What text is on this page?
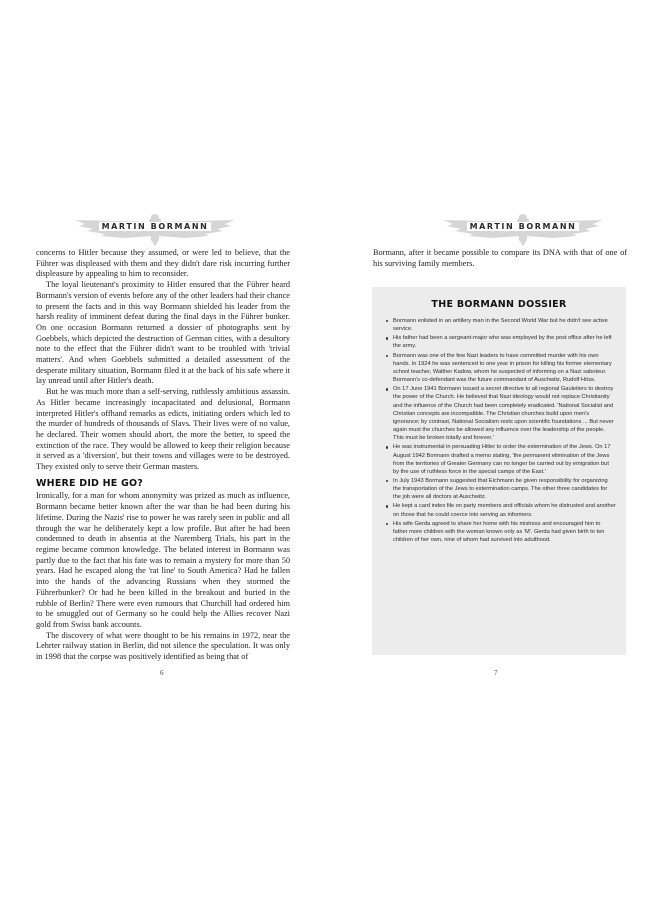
MARTIN BORMANN

concerns to Hitler because they assumed, or were led to believe, that the Führer was displeased with them and they didn't dare risk incurring further displeasure by appealing to him to reconsider.

The loyal lieutenant's proximity to Hitler ensured that the Führer heard Bormann's version of events before any of the other leaders had their chance to present the facts and in this way Bormann shielded his leader from the harsh reality of imminent defeat during the final days in the Führer bunker. On one occasion Bormann returned a dossier of photographs sent by Goebbels, which depicted the destruction of German cities, with a desultory note to the effect that the Führer didn't want to be troubled with 'trivial matters'. And when Goebbels submitted a detailed assessment of the desperate military situation, Bormann filed it at the back of his safe where it lay unread until after Hitler's death.

But he was much more than a self-serving, ruthlessly ambitious assassin. As Hitler became increasingly incapacitated and delusional, Bormann interpreted Hitler's offhand remarks as edicts, initiating orders which led to the murder of hundreds of thousands of Slavs. Their lives were of no value, he declared. Their women should abort, the more the better, to speed the extinction of the race. They would be allowed to keep their religion because it served as a 'diversion', but their towns and villages were to be destroyed. They existed only to serve their German masters.

WHERE DID HE GO?

Ironically, for a man for whom anonymity was prized as much as influence, Bormann became better known after the war than he had been during his lifetime. During the Nazis' rise to power he was rarely seen in public and all through the war he deliberately kept a low profile. But after he had been condemned to death in absentia at the Nuremberg Trials, his part in the regime became common knowledge. The belated interest in Bormann was partly due to the fact that his fate was to remain a mystery for more than 50 years. Had he escaped along the 'rat line' to South America? Had he fallen into the hands of the advancing Russians when they stormed the Führerbunker? Or had he been killed in the breakout and buried in the rubble of Berlin? There were even rumours that Churchill had ordered him to be smuggled out of Germany so he could help the Allies recover Nazi gold from Swiss bank accounts.

The discovery of what were thought to be his remains in 1972, near the Lehrter railway station in Berlin, did not silence the speculation. It was only in 1998 that the corpse was positively identified as being that of

6
MARTIN BORMANN
7

Bormann, after it became possible to compare its DNA with that of one of his surviving family members.

THE BORMANN DOSSIER
Bormann enlisted in an artillery man in the Second World War but he didn't see active service.
His father had been a sergeant-major who was employed by the post office after he left the army.
Bormann was one of the few Nazi leaders to have committed murder with his own hands. In 1924 he was sentenced to one year in prison for killing his former elementary school teacher, Walther Kadow, whom he suspected of informing on a Nazi saboteur. Bormann's co-defendant was the future commandant of Auschwitz, Rudolf Höss.
On 17 June 1941 Bormann issued a secret directive to all regional Gauleiters to destroy the power of the Church. He believed that Nazi ideology would not replace Christianity and the influence of the Church had been completely eradicated. 'National Socialist and Christian concepts are incompatible. The Christian churches build upon men's ignorance; by contrast, National Socialism rests upon scientific foundations ... But never again must the churches be allowed any influence over the leadership of the people. This must be broken totally and forever.'
He was instrumental in persuading Hitler to order the extermination of the Jews. On 17 August 1942 Bormann drafted a memo stating, 'the permanent elimination of the Jews from the territories of Greater Germany can no longer be carried out by emigration but by the use of ruthless force in the special camps of the East.'
In July 1943 Bormann suggested that Eichmann be given responsibility for organizing the transportation of the Jews to extermination camps. The other three candidates for the job were all doctors at Auschwitz.
He kept a card index file on party members and officials whom he distrusted and another on those that he could coerce into serving as informers.
His wife Gerda agreed to share her home with his mistress and encouraged him to father more children with the woman known only as 'M'. Gerda had given birth to ten children of her own, nine of whom had survived into adulthood.
